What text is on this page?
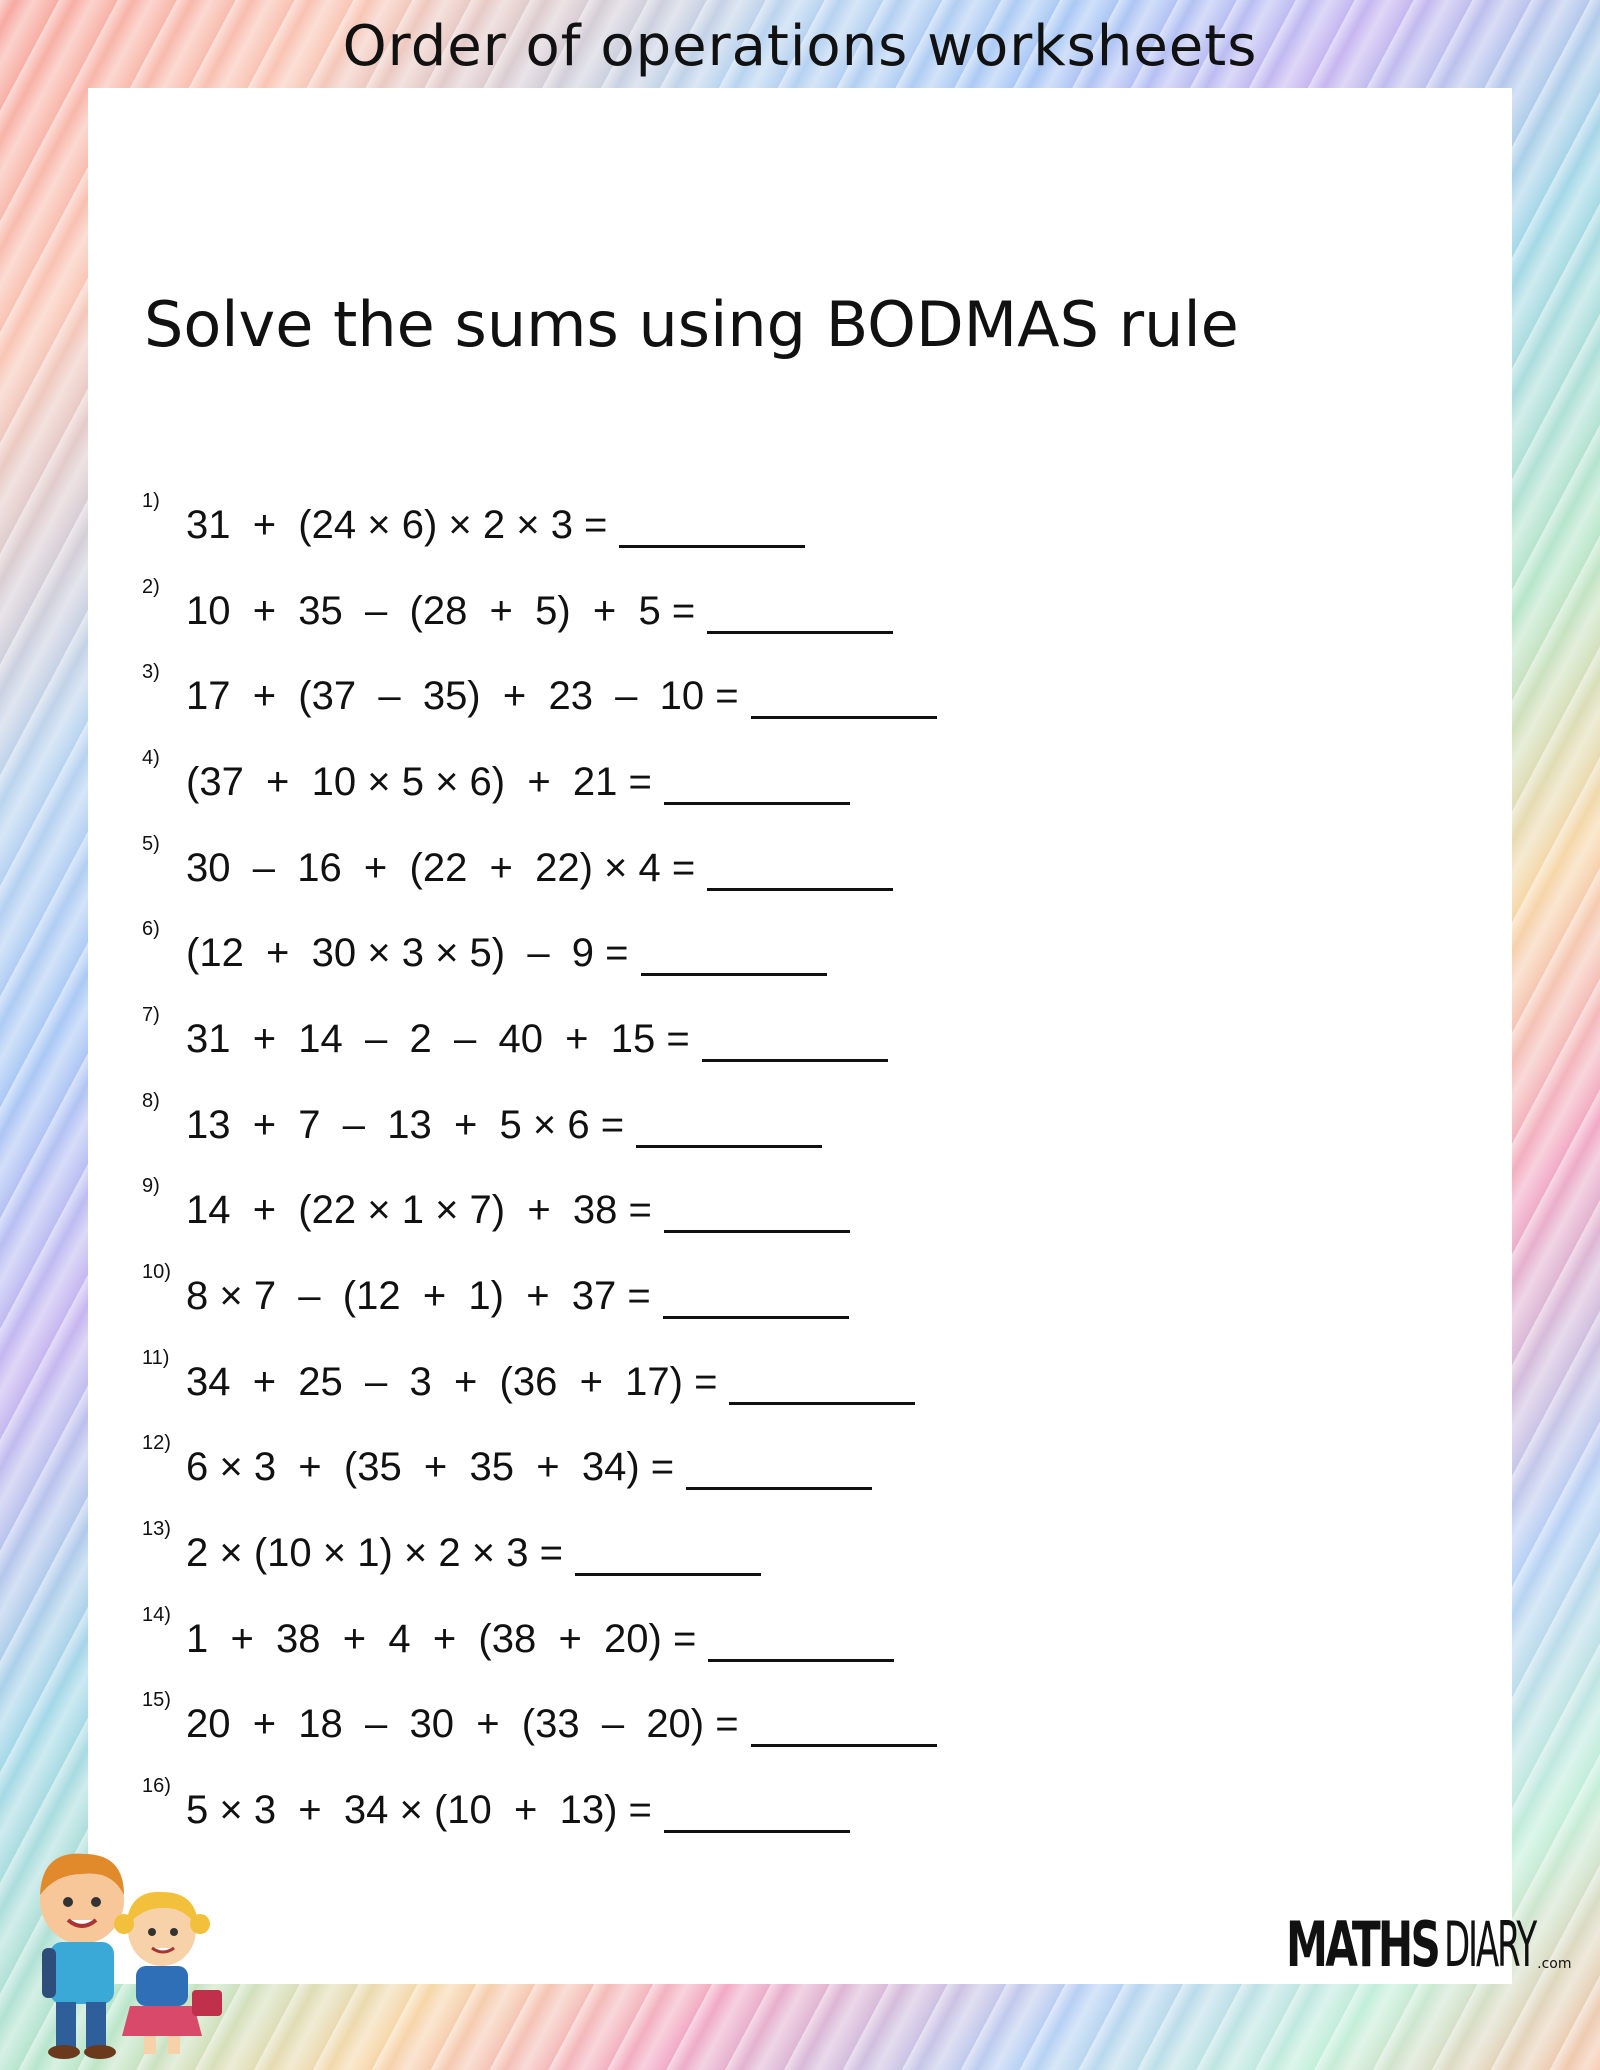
Order of operations worksheets
Solve the sums using BODMAS rule
1)
31  +  (24 × 6) × 2 × 3 =
2)
10  +  35  –  (28  +  5)  +  5 =
3)
17  +  (37  –  35)  +  23  –  10 =
4)
(37  +  10 × 5 × 6)  +  21 =
5)
30  –  16  +  (22  +  22) × 4 =
6)
(12  +  30 × 3 × 5)  –  9 =
7)
31  +  14  –  2  –  40  +  15 =
8)
13  +  7  –  13  +  5 × 6 =
9)
14  +  (22 × 1 × 7)  +  38 =
10)
8 × 7  –  (12  +  1)  +  37 =
11)
34  +  25  –  3  +  (36  +  17) =
12)
6 × 3  +  (35  +  35  +  34) =
13)
2 × (10 × 1) × 2 × 3 =
14)
1  +  38  +  4  +  (38  +  20) =
15)
20  +  18  –  30  +  (33  –  20) =
16)
5 × 3  +  34 × (10  +  13) =
MATHS DIARY .com
